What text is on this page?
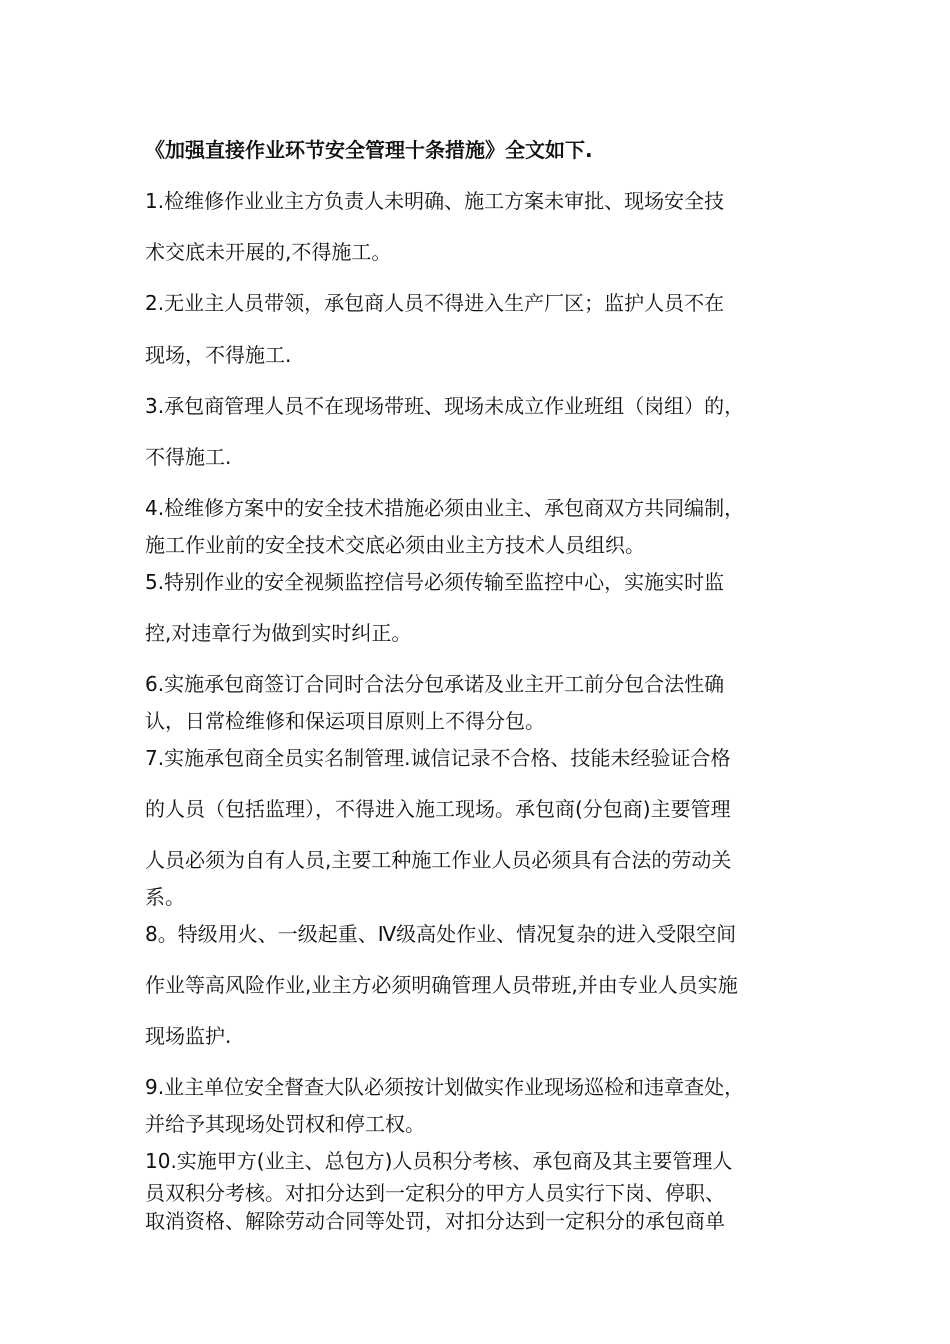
《加强直接作业环节安全管理十条措施》全文如下.
1.检维修作业业主方负责人未明确、施工方案未审批、现场安全技
术交底未开展的,不得施工。
2.无业主人员带领，承包商人员不得进入生产厂区；监护人员不在
现场，不得施工.
3.承包商管理人员不在现场带班、现场未成立作业班组（岗组）的，
不得施工.
4.检维修方案中的安全技术措施必须由业主、承包商双方共同编制，
施工作业前的安全技术交底必须由业主方技术人员组织。
5.特别作业的安全视频监控信号必须传输至监控中心，实施实时监
控,对违章行为做到实时纠正。
6.实施承包商签订合同时合法分包承诺及业主开工前分包合法性确
认，日常检维修和保运项目原则上不得分包。
7.实施承包商全员实名制管理.诚信记录不合格、技能未经验证合格
的人员（包括监理），不得进入施工现场。承包商(分包商)主要管理
人员必须为自有人员,主要工种施工作业人员必须具有合法的劳动关
系。
8。特级用火、一级起重、Ⅳ级高处作业、情况复杂的进入受限空间
作业等高风险作业,业主方必须明确管理人员带班,并由专业人员实施
现场监护.
9.业主单位安全督查大队必须按计划做实作业现场巡检和违章查处，
并给予其现场处罚权和停工权。
10.实施甲方(业主、总包方)人员积分考核、承包商及其主要管理人
员双积分考核。对扣分达到一定积分的甲方人员实行下岗、停职、
取消资格、解除劳动合同等处罚，对扣分达到一定积分的承包商单
